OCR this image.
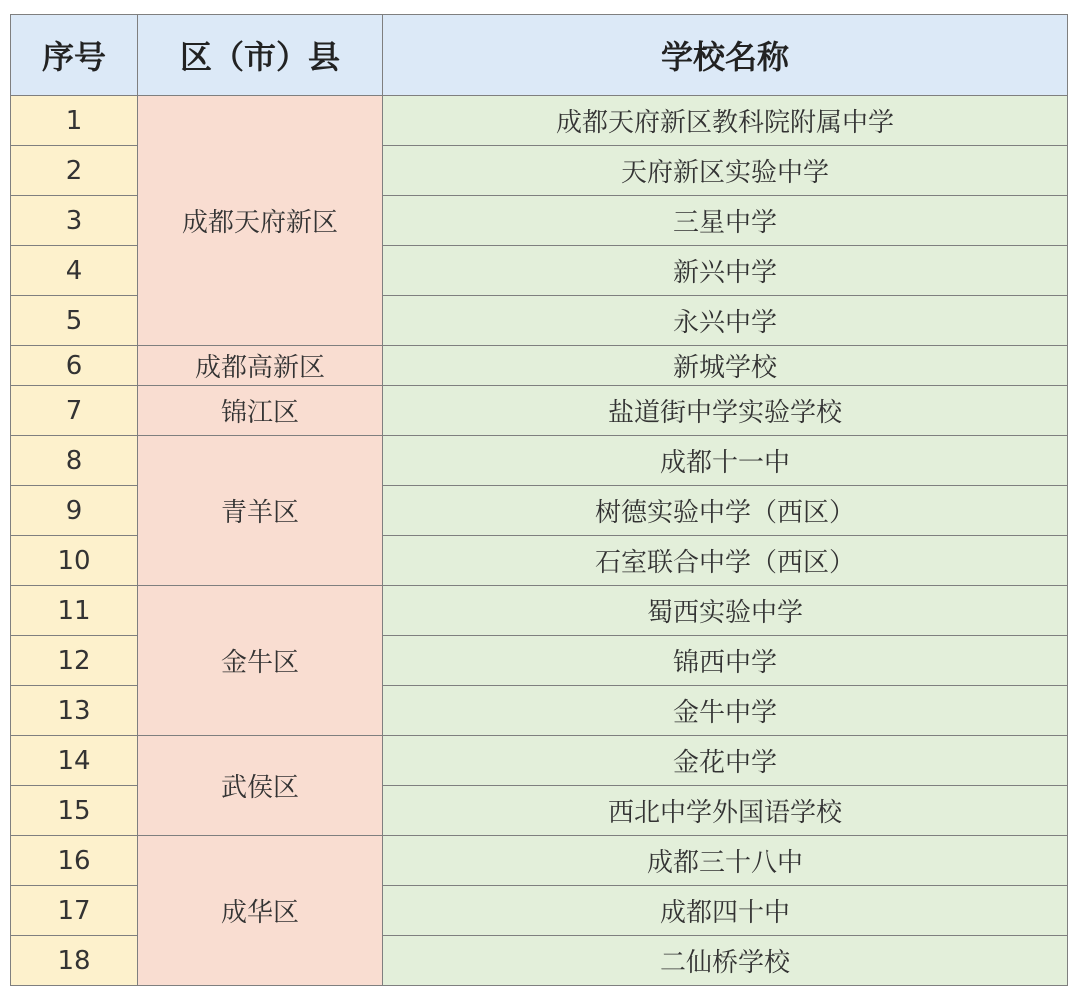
序号	区（市）县	学校名称
1	成都天府新区	成都天府新区教科院附属中学
2		天府新区实验中学
3		三星中学
4		新兴中学
5		永兴中学
6	成都高新区	新城学校
7	锦江区	盐道街中学实验学校
8	青羊区	成都十一中
9		树德实验中学（西区）
10		石室联合中学（西区）
11	金牛区	蜀西实验中学
12		锦西中学
13		金牛中学
14	武侯区	金花中学
15		西北中学外国语学校
16	成华区	成都三十八中
17		成都四十中
18		二仙桥学校
